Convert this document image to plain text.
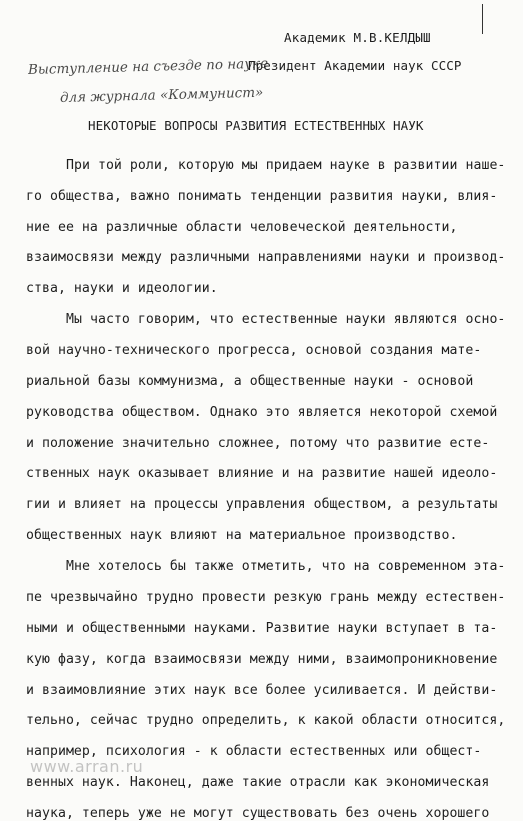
Академик М.В.КЕЛДЫШ
Президент Академии наук СССР
Выступление на съезде по науке
для журнала «Коммунист»
НЕКОТОРЫЕ ВОПРОСЫ РАЗВИТИЯ ЕСТЕСТВЕННЫХ НАУК
При той роли, которую мы придаем науке в развитии наше-
го общества, важно понимать тенденции развития науки, влия-
ние ее на различные области человеческой деятельности,
взаимосвязи между различными направлениями науки и производ-
ства, науки и идеологии.
Мы часто говорим, что естественные науки являются осно-
вой научно-технического прогресса, основой создания мате-
риальной базы коммунизма, а общественные науки - основой
руководства обществом. Однако это является некоторой схемой
и положение значительно сложнее, потому что развитие есте-
ственных наук оказывает влияние и на развитие нашей идеоло-
гии и влияет на процессы управления обществом, а результаты
общественных наук влияют на материальное производство.
Мне хотелось бы также отметить, что на современном эта-
пе чрезвычайно трудно провести резкую грань между естествен-
ными и общественными науками. Развитие науки вступает в та-
кую фазу, когда взаимосвязи между ними, взаимопроникновение
и взаимовлияние этих наук все более усиливается. И действи-
тельно, сейчас трудно определить, к какой области относится,
например, психология - к области естественных или общест-
венных наук. Наконец, даже такие отрасли как экономическая
наука, теперь уже не могут существовать без очень хорошего
www.arran.ru
